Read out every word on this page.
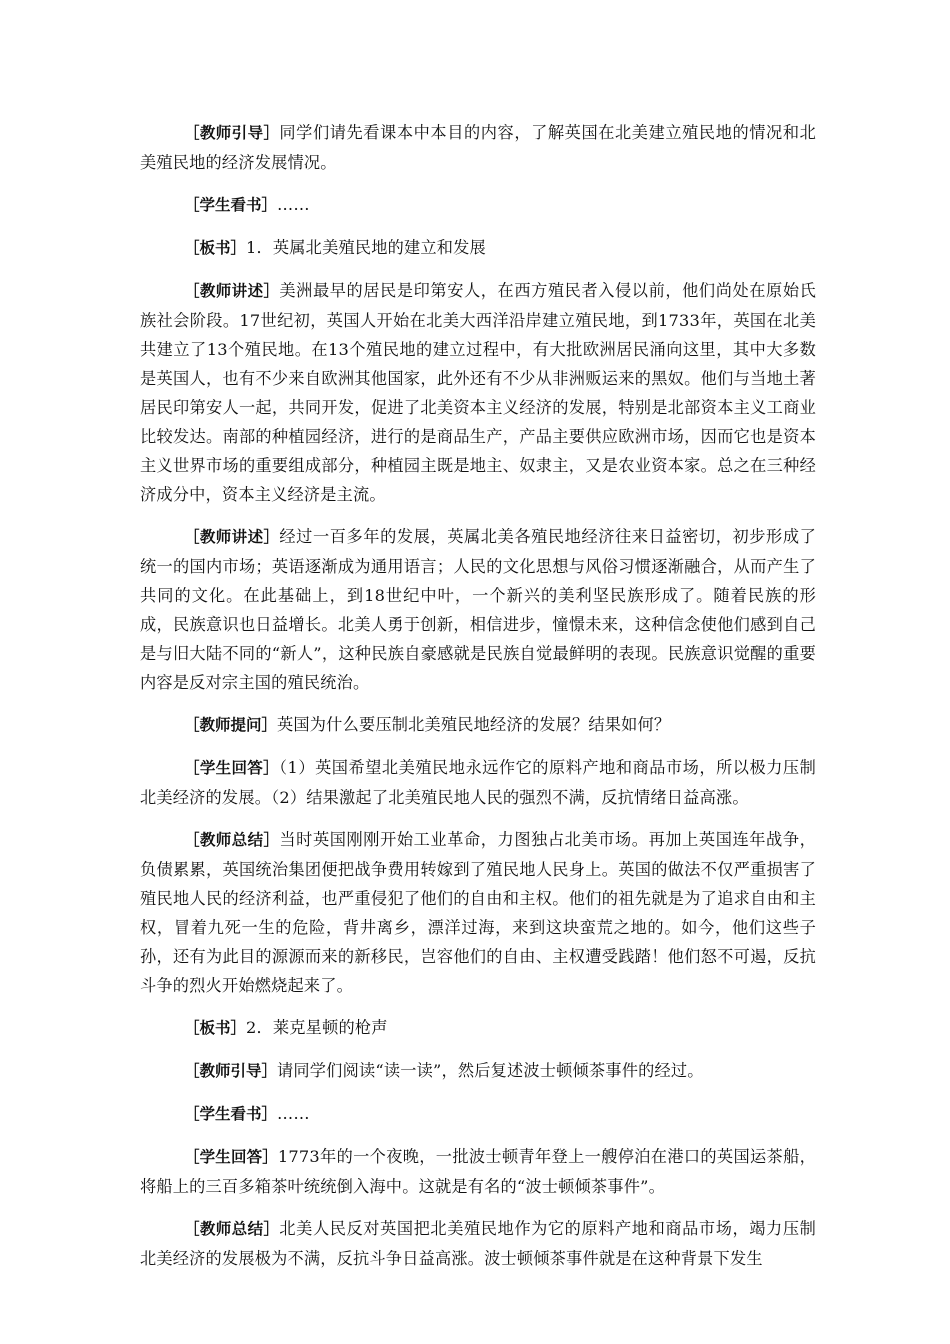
［教师引导］同学们请先看课本中本目的内容，了解英国在北美建立殖民地的情况和北美殖民地的经济发展情况。

［学生看书］……

［板书］1．英属北美殖民地的建立和发展

［教师讲述］美洲最早的居民是印第安人，在西方殖民者入侵以前，他们尚处在原始氏族社会阶段。17世纪初，英国人开始在北美大西洋沿岸建立殖民地，到1733年，英国在北美共建立了13个殖民地。在13个殖民地的建立过程中，有大批欧洲居民涌向这里，其中大多数是英国人，也有不少来自欧洲其他国家，此外还有不少从非洲贩运来的黑奴。他们与当地土著居民印第安人一起，共同开发，促进了北美资本主义经济的发展，特别是北部资本主义工商业比较发达。南部的种植园经济，进行的是商品生产，产品主要供应欧洲市场，因而它也是资本主义世界市场的重要组成部分，种植园主既是地主、奴隶主，又是农业资本家。总之在三种经济成分中，资本主义经济是主流。

［教师讲述］经过一百多年的发展，英属北美各殖民地经济往来日益密切，初步形成了统一的国内市场；英语逐渐成为通用语言；人民的文化思想与风俗习惯逐渐融合，从而产生了共同的文化。在此基础上，到18世纪中叶，一个新兴的美利坚民族形成了。随着民族的形成，民族意识也日益增长。北美人勇于创新，相信进步，憧憬未来，这种信念使他们感到自己是与旧大陆不同的“新人”，这种民族自豪感就是民族自觉最鲜明的表现。民族意识觉醒的重要内容是反对宗主国的殖民统治。

［教师提问］英国为什么要压制北美殖民地经济的发展？结果如何？

［学生回答］（1）英国希望北美殖民地永远作它的原料产地和商品市场，所以极力压制北美经济的发展。（2）结果激起了北美殖民地人民的强烈不满，反抗情绪日益高涨。

［教师总结］当时英国刚刚开始工业革命，力图独占北美市场。再加上英国连年战争，负债累累，英国统治集团便把战争费用转嫁到了殖民地人民身上。英国的做法不仅严重损害了殖民地人民的经济利益，也严重侵犯了他们的自由和主权。他们的祖先就是为了追求自由和主权，冒着九死一生的危险，背井离乡，漂洋过海，来到这块蛮荒之地的。如今，他们这些子孙，还有为此目的源源而来的新移民，岂容他们的自由、主权遭受践踏！他们怒不可遏，反抗斗争的烈火开始燃烧起来了。

［板书］2．莱克星顿的枪声

［教师引导］请同学们阅读“读一读”，然后复述波士顿倾茶事件的经过。

［学生看书］……

［学生回答］1773年的一个夜晚，一批波士顿青年登上一艘停泊在港口的英国运茶船，将船上的三百多箱茶叶统统倒入海中。这就是有名的“波士顿倾茶事件”。

［教师总结］北美人民反对英国把北美殖民地作为它的原料产地和商品市场，竭力压制北美经济的发展极为不满，反抗斗争日益高涨。波士顿倾茶事件就是在这种背景下发生
